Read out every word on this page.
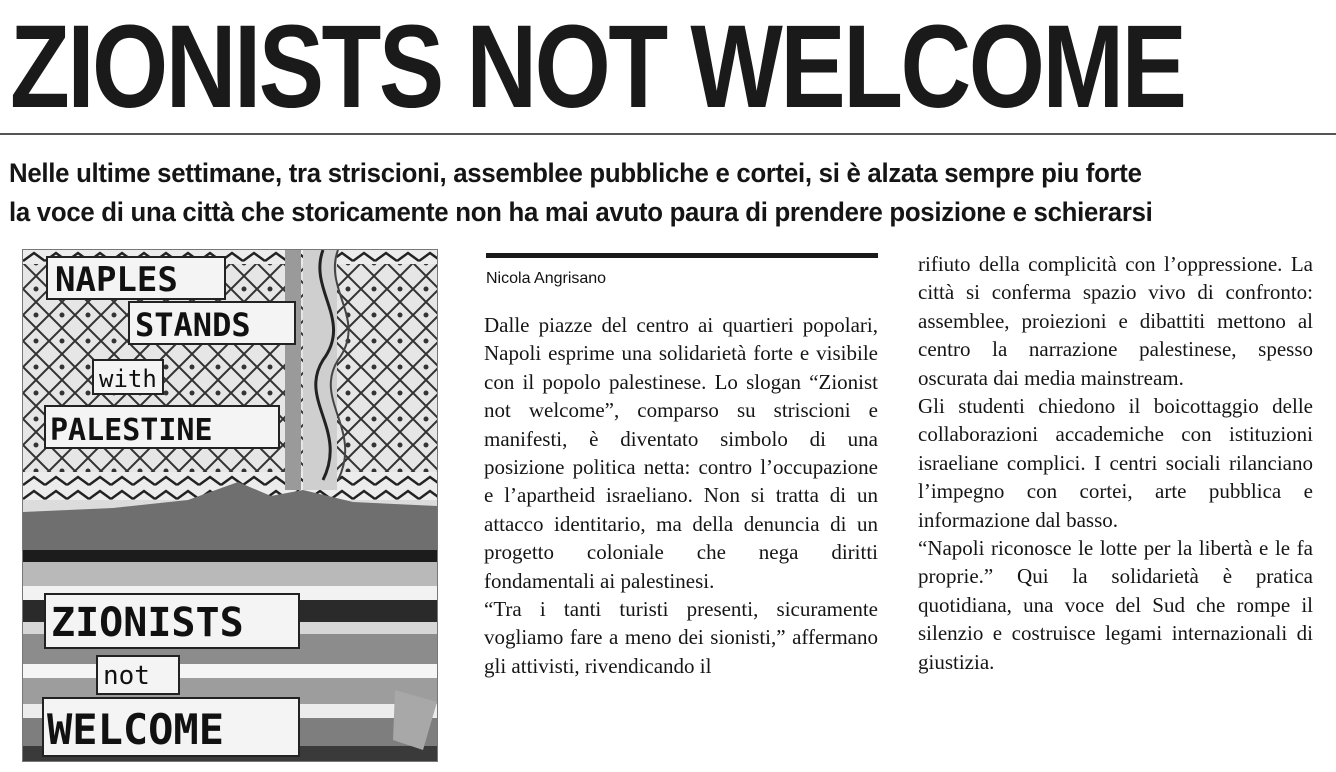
ZIONISTS NOT WELCOME
Nelle ultime settimane, tra striscioni, assemblee pubbliche e cortei, si è alzata sempre piu forte
la voce di una città che storicamente non ha mai avuto paura di prendere posizione e schierarsi
NAPLES
STANDS
with
PALESTINE
ZIONISTS
not
WELCOME
Nicola Angrisano

Dalle piazze del centro ai quartieri popolari, Napoli esprime una solidarietà forte e visibile con il popolo palestinese. Lo slogan “Zionist not welcome”, comparso su striscioni e manifesti, è diventato simbolo di una posizione politica netta: contro l’occupazione e l’apartheid israeliano. Non si tratta di un attacco identitario, ma della denuncia di un progetto coloniale che nega diritti fondamentali ai palestinesi.

“Tra i tanti turisti presenti, sicuramente vogliamo fare a meno dei sionisti,” affermano gli attivisti, rivendicando il

rifiuto della complicità con l’oppressione. La città si conferma spazio vivo di confronto: assemblee, proiezioni e dibattiti mettono al centro la narrazione palestinese, spesso oscurata dai media mainstream.

Gli studenti chiedono il boicottaggio delle collaborazioni accademiche con istituzioni israeliane complici. I centri sociali rilanciano l’impegno con cortei, arte pubblica e informazione dal basso.

“Napoli riconosce le lotte per la libertà e le fa proprie.” Qui la solidarietà è pratica quotidiana, una voce del Sud che rompe il silenzio e costruisce legami internazionali di giustizia.
